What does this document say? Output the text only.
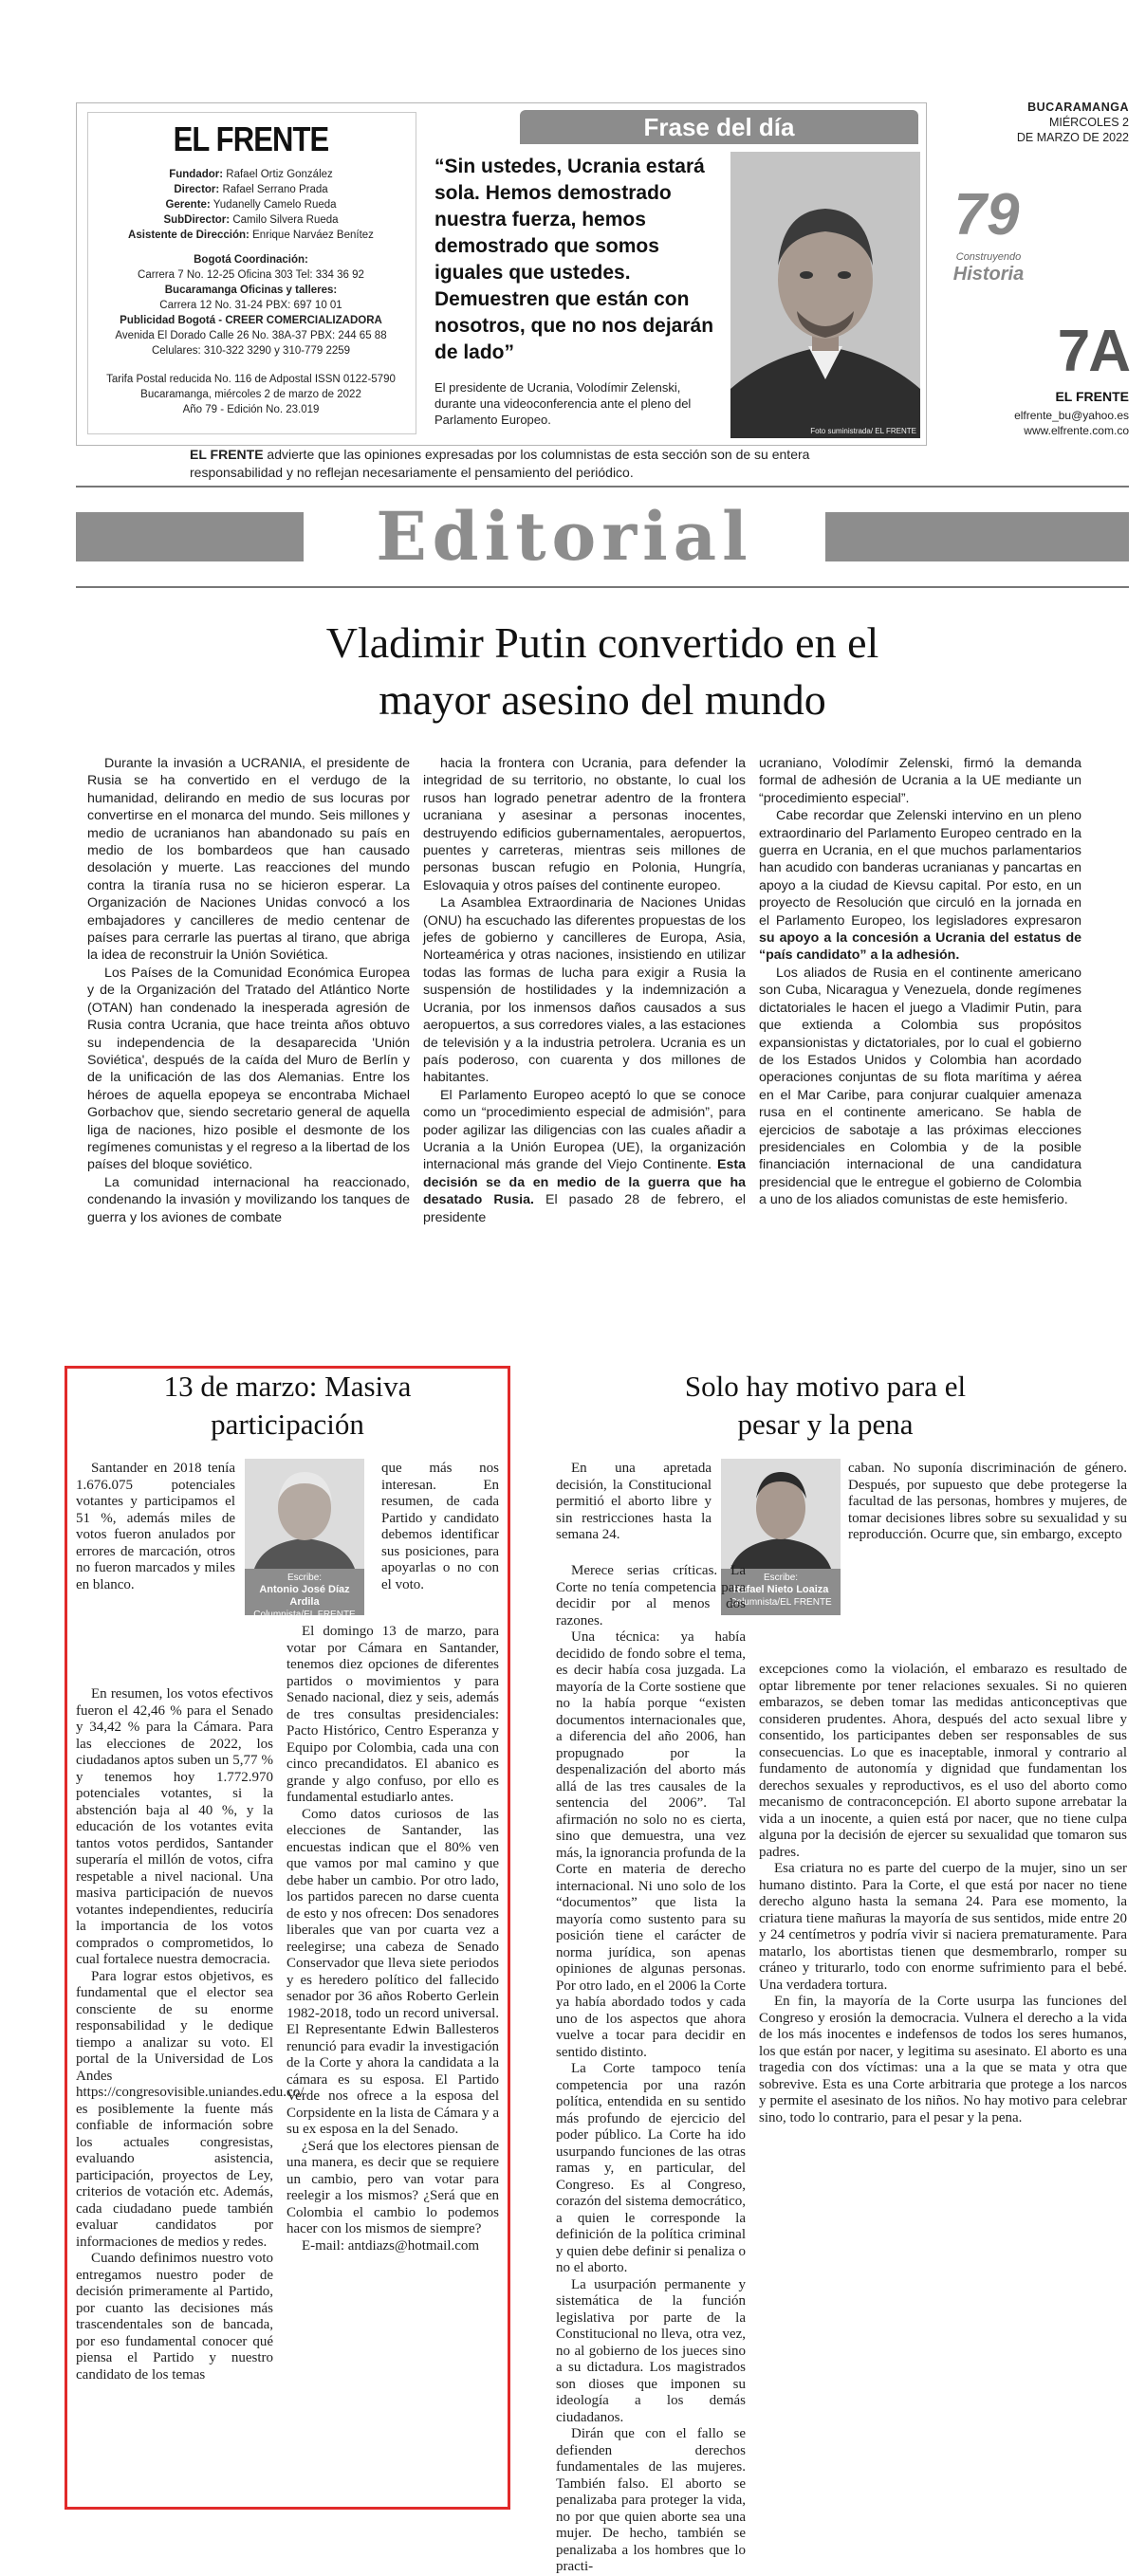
EL FRENTE
Fundador: Rafael Ortiz González
Director: Rafael Serrano Prada
Gerente: Yudanelly Camelo Rueda
SubDirector: Camilo Silvera Rueda
Asistente de Dirección: Enrique Narváez Benítez
Bogotá Coordinación:
Carrera 7 No. 12-25 Oficina 303 Tel: 334 36 92
Bucaramanga Oficinas y talleres:
Carrera 12 No. 31-24 PBX: 697 10 01
Publicidad Bogotá - CREER COMERCIALIZADORA
Avenida El Dorado Calle 26 No. 38A-37 PBX: 244 65 88
Celulares: 310-322 3290 y 310-779 2259
Tarifa Postal reducida No. 116 de Adpostal ISSN 0122-5790
Bucaramanga, miércoles 2 de marzo de 2022
Año 79 - Edición No. 23.019
Frase del día
“Sin ustedes, Ucrania estará sola. Hemos demostrado nuestra fuerza, hemos demostrado que somos iguales que ustedes. Demuestren que están con nosotros, que no nos dejarán de lado”
El presidente de Ucrania, Volodímir Zelenski, durante una videoconferencia ante el pleno del Parlamento Europeo.
Foto suministrada/ EL FRENTE
BUCARAMANGA
MIÉRCOLES 2
DE MARZO DE 2022
79
Construyendo
Historia
7A
EL FRENTE
elfrente_bu@yahoo.es
www.elfrente.com.co
EL FRENTE advierte que las opiniones expresadas por los columnistas de esta sección son de su entera responsabilidad y no reflejan necesariamente el pensamiento del periódico.
Editorial
Vladimir Putin convertido en el mayor asesino del mundo

Durante la invasión a UCRANIA, el presidente de Rusia se ha convertido en el verdugo de la humanidad, delirando en medio de sus locuras por convertirse en el monarca del mundo. Seis millones y medio de ucranianos han abandonado su país en medio de los bombardeos que han causado desolación y muerte. Las reacciones del mundo contra la tiranía rusa no se hicieron esperar. La Organización de Naciones Unidas convocó a los embajadores y cancilleres de medio centenar de países para cerrarle las puertas al tirano, que abriga la idea de reconstruir la Unión Soviética.

Los Países de la Comunidad Económica Europea y de la Organización del Tratado del Atlántico Norte (OTAN) han condenado la inesperada agresión de Rusia contra Ucrania, que hace treinta años obtuvo su independencia de la desaparecida 'Unión Soviética', después de la caída del Muro de Berlín y de la unificación de las dos Alemanias. Entre los héroes de aquella epopeya se encontraba Michael Gorbachov que, siendo secretario general de aquella liga de naciones, hizo posible el desmonte de los regímenes comunistas y el regreso a la libertad de los países del bloque soviético.

La comunidad internacional ha reaccionado, condenando la invasión y movilizando los tanques de guerra y los aviones de combate

hacia la frontera con Ucrania, para defender la integridad de su territorio, no obstante, lo cual los rusos han logrado penetrar adentro de la frontera ucraniana y asesinar a personas inocentes, destruyendo edificios gubernamentales, aeropuertos, puentes y carreteras, mientras seis millones de personas buscan refugio en Polonia, Hungría, Eslovaquia y otros países del continente europeo.

La Asamblea Extraordinaria de Naciones Unidas (ONU) ha escuchado las diferentes propuestas de los jefes de gobierno y cancilleres de Europa, Asia, Norteamérica y otras naciones, insistiendo en utilizar todas las formas de lucha para exigir a Rusia la suspensión de hostilidades y la indemnización a Ucrania, por los inmensos daños causados a sus aeropuertos, a sus corredores viales, a las estaciones de televisión y a la industria petrolera. Ucrania es un país poderoso, con cuarenta y dos millones de habitantes.

El Parlamento Europeo aceptó lo que se conoce como un “procedimiento especial de admisión”, para poder agilizar las diligencias con las cuales añadir a Ucrania a la Unión Europea (UE), la organización internacional más grande del Viejo Continente. Esta decisión se da en medio de la guerra que ha desatado Rusia. El pasado 28 de febrero, el presidente

ucraniano, Volodímir Zelenski, firmó la demanda formal de adhesión de Ucrania a la UE mediante un “procedimiento especial”.

Cabe recordar que Zelenski intervino en un pleno extraordinario del Parlamento Europeo centrado en la guerra en Ucrania, en el que muchos parlamentarios han acudido con banderas ucranianas y pancartas en apoyo a la ciudad de Kievsu capital. Por esto, en un proyecto de Resolución que circuló en la jornada en el Parlamento Europeo, los legisladores expresaron su apoyo a la concesión a Ucrania del estatus de “país candidato” a la adhesión.

Los aliados de Rusia en el continente americano son Cuba, Nicaragua y Venezuela, donde regímenes dictatoriales le hacen el juego a Vladimir Putin, para que extienda a Colombia sus propósitos expansionistas y dictatoriales, por lo cual el gobierno de los Estados Unidos y Colombia han acordado operaciones conjuntas de su flota marítima y aérea en el Mar Caribe, para conjurar cualquier amenaza rusa en el continente americano. Se habla de ejercicios de sabotaje a las próximas elecciones presidenciales en Colombia y de la posible financiación internacional de una candidatura presidencial que le entregue el gobierno de Colombia a uno de los aliados comunistas de este hemisferio.

13 de marzo: Masiva participación
Solo hay motivo para el pesar y la pena
Escribe:
Antonio José Díaz Ardila
Columnista/EL FRENTE

Santander en 2018 tenía 1.676.075 potenciales votantes y participamos el 51 %, además miles de votos fueron anulados por errores de marcación, otros no fueron marcados y miles en blanco.

En resumen, los votos efectivos fueron el 42,46 % para el Senado y 34,42 % para la Cámara. Para las elecciones de 2022, los ciudadanos aptos suben un 5,77 % y tenemos hoy 1.772.970 potenciales votantes, si la abstención baja al 40 %, y la educación de los votantes evita tantos votos perdidos, Santander superaría el millón de votos, cifra respetable a nivel nacional. Una masiva participación de nuevos votantes independientes, reduciría la importancia de los votos comprados o comprometidos, lo cual fortalece nuestra democracia.

Para lograr estos objetivos, es fundamental que el elector sea consciente de su enorme responsabilidad y le dedique tiempo a analizar su voto. El portal de la Universidad de Los Andes https://congresovisible.uniandes.edu.co/ es posiblemente la fuente más confiable de información sobre los actuales congresistas, evaluando asistencia, participación, proyectos de Ley, criterios de votación etc. Además, cada ciudadano puede también evaluar candidatos por informaciones de medios y redes.

Cuando definimos nuestro voto entregamos nuestro poder de decisión primeramente al Partido, por cuanto las decisiones más trascendentales son de bancada, por eso fundamental conocer qué piensa el Partido y nuestro candidato de los temas

que más nos interesan. En resumen, de cada Partido y candidato debemos identificar sus posiciones, para apoyarlas o no con el voto.

El domingo 13 de marzo, para votar por Cámara en Santander, tenemos diez opciones de diferentes partidos o movimientos y para Senado nacional, diez y seis, además de tres consultas presidenciales: Pacto Histórico, Centro Esperanza y Equipo por Colombia, cada una con cinco precandidatos. El abanico es grande y algo confuso, por ello es fundamental estudiarlo antes.

Como datos curiosos de las elecciones de Santander, las encuestas indican que el 80% ven que vamos por mal camino y que debe haber un cambio. Por otro lado, los partidos parecen no darse cuenta de esto y nos ofrecen: Dos senadores liberales que van por cuarta vez a reelegirse; una cabeza de Senado Conservador que lleva siete periodos y es heredero político del fallecido senador por 36 años Roberto Gerlein 1982-2018, todo un record universal. El Representante Edwin Ballesteros renunció para evadir la investigación de la Corte y ahora la candidata a la cámara es su esposa. El Partido Verde nos ofrece a la esposa del Corpsidente en la lista de Cámara y a su ex esposa en la del Senado.

¿Será que los electores piensan de una manera, es decir que se requiere un cambio, pero van votar para reelegir a los mismos? ¿Será que en Colombia el cambio lo podemos hacer con los mismos de siempre?

E-mail: antdiazs@hotmail.com

Escribe:
Rafael Nieto Loaiza
Columnista/EL FRENTE

En una apretada decisión, la Constitucional permitió el aborto libre y sin restricciones hasta la semana 24.

Merece serias críticas. La Corte no tenía competencia para decidir por al menos dos razones.

Una técnica: ya había decidido de fondo sobre el tema, es decir había cosa juzgada. La mayoría de la Corte sostiene que no la había porque “existen documentos internacionales que, a diferencia del año 2006, han propugnado por la despenalización del aborto más allá de las tres causales de la sentencia del 2006”. Tal afirmación no solo no es cierta, sino que demuestra, una vez más, la ignorancia profunda de la Corte en materia de derecho internacional. Ni uno solo de los “documentos” que lista la mayoría como sustento para su posición tiene el carácter de norma jurídica, son apenas opiniones de algunas personas. Por otro lado, en el 2006 la Corte ya había abordado todos y cada uno de los aspectos que ahora vuelve a tocar para decidir en sentido distinto.

La Corte tampoco tenía competencia por una razón política, entendida en su sentido más profundo de ejercicio del poder público. La Corte ha ido usurpando funciones de las otras ramas y, en particular, del Congreso. Es al Congreso, corazón del sistema democrático, a quien le corresponde la definición de la política criminal y quien debe definir si penaliza o no el aborto.

La usurpación permanente y sistemática de la función legislativa por parte de la Constitucional no lleva, otra vez, no al gobierno de los jueces sino a su dictadura. Los magistrados son dioses que imponen su ideología a los demás ciudadanos.

Dirán que con el fallo se defienden derechos fundamentales de las mujeres. También falso. El aborto se penalizaba para proteger la vida, no por que quien aborte sea una mujer. De hecho, también se penalizaba a los hombres que lo practi-

caban. No suponía discriminación de género. Después, por supuesto que debe protegerse la facultad de las personas, hombres y mujeres, de tomar decisiones libres sobre su sexualidad y su reproducción. Ocurre que, sin embargo, excepto

excepciones como la violación, el embarazo es resultado de optar libremente por tener relaciones sexuales. Si no quieren embarazos, se deben tomar las medidas anticonceptivas que consideren prudentes. Ahora, después del acto sexual libre y consentido, los participantes deben ser responsables de sus consecuencias. Lo que es inaceptable, inmoral y contrario al fundamento de autonomía y dignidad que fundamentan los derechos sexuales y reproductivos, es el uso del aborto como mecanismo de contraconcepción. El aborto supone arrebatar la vida a un inocente, a quien está por nacer, que no tiene culpa alguna por la decisión de ejercer su sexualidad que tomaron sus padres.

Esa criatura no es parte del cuerpo de la mujer, sino un ser humano distinto. Para la Corte, el que está por nacer no tiene derecho alguno hasta la semana 24. Para ese momento, la criatura tiene mañuras la mayoría de sus sentidos, mide entre 20 y 24 centímetros y podría vivir si naciera prematuramente. Para matarlo, los abortistas tienen que desmembrarlo, romper su cráneo y triturarlo, todo con enorme sufrimiento para el bebé. Una verdadera tortura.

En fin, la mayoría de la Corte usurpa las funciones del Congreso y erosión la democracia. Vulnera el derecho a la vida de los más inocentes e indefensos de todos los seres humanos, los que están por nacer, y legitima su asesinato. El aborto es una tragedia con dos víctimas: una a la que se mata y otra que sobrevive. Esta es una Corte arbitraria que protege a los narcos y permite el asesinato de los niños. No hay motivo para celebrar sino, todo lo contrario, para el pesar y la pena.
